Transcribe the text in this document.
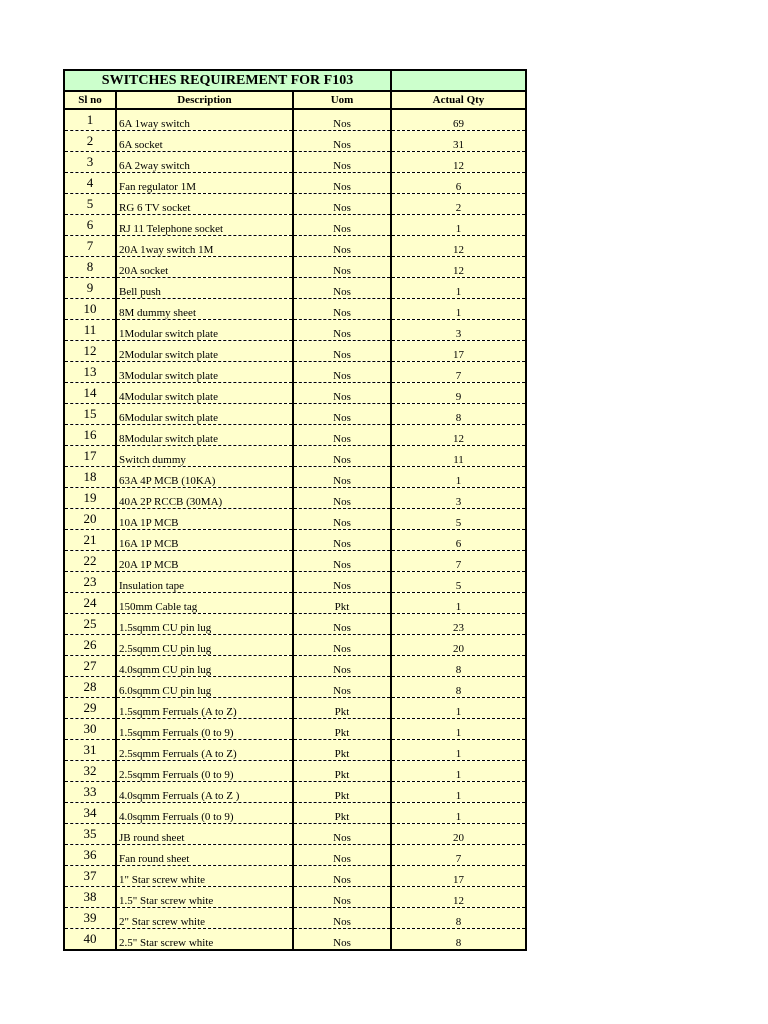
SWITCHES REQUIREMENT FOR F103			
Sl no	Description	Uom	Actual Qty
1	6A 1way switch	Nos	69
2	6A socket	Nos	31
3	6A 2way switch	Nos	12
4	Fan regulator 1M	Nos	6
5	RG 6 TV socket	Nos	2
6	RJ 11 Telephone socket	Nos	1
7	20A 1way switch 1M	Nos	12
8	20A socket	Nos	12
9	Bell push	Nos	1
10	8M dummy sheet	Nos	1
11	1Modular switch plate	Nos	3
12	2Modular switch plate	Nos	17
13	3Modular switch plate	Nos	7
14	4Modular switch plate	Nos	9
15	6Modular switch plate	Nos	8
16	8Modular switch plate	Nos	12
17	Switch dummy	Nos	11
18	63A 4P MCB (10KA)	Nos	1
19	40A 2P RCCB (30MA)	Nos	3
20	10A 1P MCB	Nos	5
21	16A 1P MCB	Nos	6
22	20A 1P MCB	Nos	7
23	Insulation tape	Nos	5
24	150mm Cable tag	Pkt	1
25	1.5sqmm CU pin lug	Nos	23
26	2.5sqmm CU pin lug	Nos	20
27	4.0sqmm CU pin lug	Nos	8
28	6.0sqmm CU pin lug	Nos	8
29	1.5sqmm Ferruals (A to Z)	Pkt	1
30	1.5sqmm Ferruals (0 to 9)	Pkt	1
31	2.5sqmm Ferruals (A to Z)	Pkt	1
32	2.5sqmm Ferruals (0 to 9)	Pkt	1
33	4.0sqmm Ferruals (A to Z )	Pkt	1
34	4.0sqmm Ferruals (0 to 9)	Pkt	1
35	JB round sheet	Nos	20
36	Fan round sheet	Nos	7
37	1" Star screw white	Nos	17
38	1.5" Star screw white	Nos	12
39	2" Star screw white	Nos	8
40	2.5" Star screw white	Nos	8
